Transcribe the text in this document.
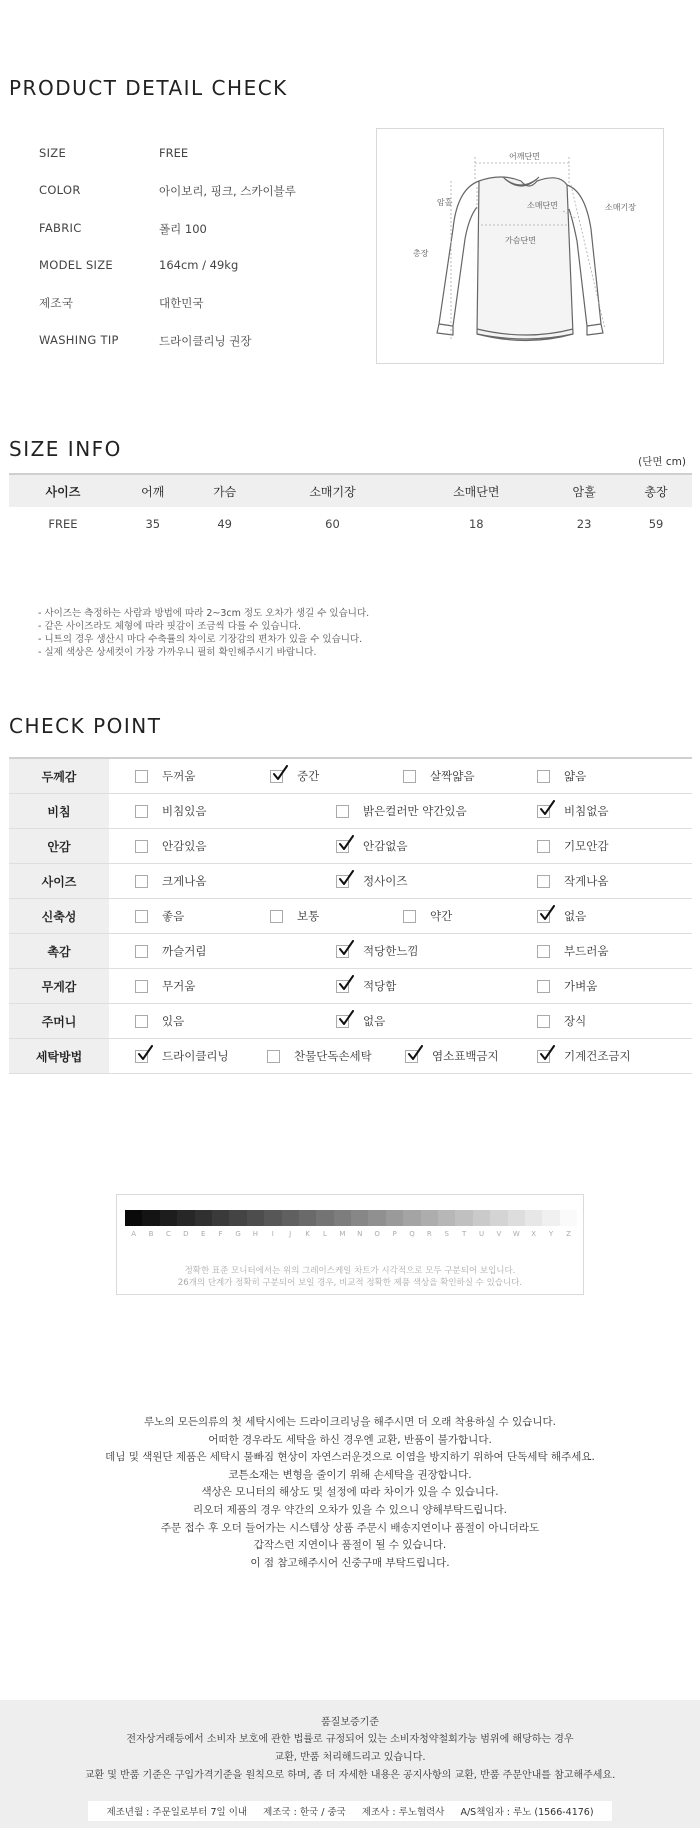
PRODUCT DETAIL CHECK
SIZE	FREE
COLOR	아이보리, 핑크, 스카이블루
FABRIC	폴리 100
MODEL SIZE	164cm / 49kg
제조국	대한민국
WASHING TIP	드라이클리닝 권장
어깨단면
암홀	소매단면	소매기장
가슴단면
총장
SIZE INFO
(단면 cm)
사이즈	어깨	가슴	소매기장	소매단면	암홀	총장
FREE	35	49	60	18	23	59
- 사이즈는 측정하는 사람과 방법에 따라 2~3cm 정도 오차가 생길 수 있습니다.
- 같은 사이즈라도 체형에 따라 핏감이 조금씩 다를 수 있습니다.
- 니트의 경우 생산시 마다 수축률의 차이로 기장감의 편차가 있을 수 있습니다.
- 실제 색상은 상세컷이 가장 가까우니 필히 확인해주시기 바랍니다.
CHECK POINT
두께감	두꺼움	중간	살짝얇음	얇음
비침	비침있음	밝은컬러만 약간있음	비침없음
안감	안감있음	안감없음	기모안감
사이즈	크게나옴	정사이즈	작게나옴
신축성	좋음	보통	약간	없음
촉감	까슬거림	적당한느낌	부드러움
무게감	무거움	적당함	가벼움
주머니	있음	없음	장식
세탁방법	드라이클리닝	찬물단독손세탁	염소표백금지	기계건조금지
A	B	C	D	E	F	G	H	I	J	K	L	M	N	O	P	Q	R	S	T	U	V	W	X	Y	Z
정확한 표준 모니터에서는 위의 그레이스케일 차트가 시각적으로 모두 구분되어 보입니다.
26개의 단계가 정확히 구분되어 보일 경우, 비교적 정확한 제품 색상을 확인하실 수 있습니다.
루노의 모든의류의 첫 세탁시에는 드라이크리닝을 해주시면 더 오래 착용하실 수 있습니다.
어떠한 경우라도 세탁을 하신 경우엔 교환, 반품이 불가합니다.
데님 및 색원단 제품은 세탁시 물빠짐 현상이 자연스러운것으로 이염을 방지하기 위하여 단독세탁 해주세요.
코튼소재는 변형을 줄이기 위해 손세탁을 권장합니다.
색상은 모니터의 해상도 및 설정에 따라 차이가 있을 수 있습니다.
리오더 제품의 경우 약간의 오차가 있을 수 있으니 양해부탁드립니다.
주문 접수 후 오더 들어가는 시스템상 상품 주문시 배송지연이나 품절이 아니더라도
갑작스런 지연이나 품절이 될 수 있습니다.
이 점 참고해주시어 신중구매 부탁드립니다.
품질보증기준
전자상거래등에서 소비자 보호에 관한 법률로 규정되어 있는 소비자청약철회가능 범위에 해당하는 경우
교환, 반품 처리해드리고 있습니다.
교환 및 반품 기준은 구입가격기준을 원칙으로 하며, 좀 더 자세한 내용은 공지사항의 교환, 반품 주문안내를 참고해주세요.
제조년월 : 주문일로부터 7일 이내 제조국 : 한국 / 중국 제조사 : 루노협력사 A/S책임자 : 루노 (1566-4176)
